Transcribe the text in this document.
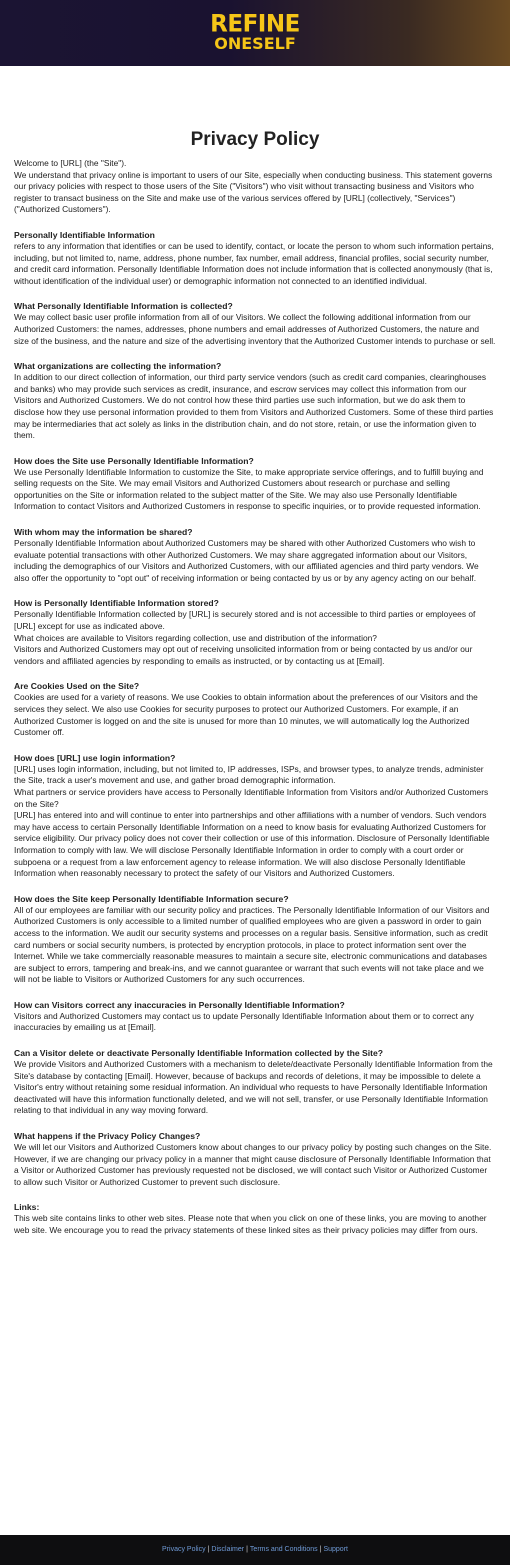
REFINE
ONESELF
Privacy Policy

Welcome to [URL] (the "Site").

We understand that privacy online is important to users of our Site, especially when conducting business. This statement governs our privacy policies with respect to those users of the Site ("Visitors") who visit without transacting business and Visitors who register to transact business on the Site and make use of the various services offered by [URL] (collectively, "Services") ("Authorized Customers").

Personally Identifiable Information

refers to any information that identifies or can be used to identify, contact, or locate the person to whom such information pertains, including, but not limited to, name, address, phone number, fax number, email address, financial profiles, social security number, and credit card information. Personally Identifiable Information does not include information that is collected anonymously (that is, without identification of the individual user) or demographic information not connected to an identified individual.

What Personally Identifiable Information is collected?

We may collect basic user profile information from all of our Visitors. We collect the following additional information from our Authorized Customers: the names, addresses, phone numbers and email addresses of Authorized Customers, the nature and size of the business, and the nature and size of the advertising inventory that the Authorized Customer intends to purchase or sell.

What organizations are collecting the information?

In addition to our direct collection of information, our third party service vendors (such as credit card companies, clearinghouses and banks) who may provide such services as credit, insurance, and escrow services may collect this information from our Visitors and Authorized Customers. We do not control how these third parties use such information, but we do ask them to disclose how they use personal information provided to them from Visitors and Authorized Customers. Some of these third parties may be intermediaries that act solely as links in the distribution chain, and do not store, retain, or use the information given to them.

How does the Site use Personally Identifiable Information?

We use Personally Identifiable Information to customize the Site, to make appropriate service offerings, and to fulfill buying and selling requests on the Site. We may email Visitors and Authorized Customers about research or purchase and selling opportunities on the Site or information related to the subject matter of the Site. We may also use Personally Identifiable Information to contact Visitors and Authorized Customers in response to specific inquiries, or to provide requested information.

With whom may the information be shared?

Personally Identifiable Information about Authorized Customers may be shared with other Authorized Customers who wish to evaluate potential transactions with other Authorized Customers. We may share aggregated information about our Visitors, including the demographics of our Visitors and Authorized Customers, with our affiliated agencies and third party vendors. We also offer the opportunity to "opt out" of receiving information or being contacted by us or by any agency acting on our behalf.

How is Personally Identifiable Information stored?

Personally Identifiable Information collected by [URL] is securely stored and is not accessible to third parties or employees of [URL] except for use as indicated above.

What choices are available to Visitors regarding collection, use and distribution of the information?

Visitors and Authorized Customers may opt out of receiving unsolicited information from or being contacted by us and/or our vendors and affiliated agencies by responding to emails as instructed, or by contacting us at [Email].

Are Cookies Used on the Site?

Cookies are used for a variety of reasons. We use Cookies to obtain information about the preferences of our Visitors and the services they select. We also use Cookies for security purposes to protect our Authorized Customers. For example, if an Authorized Customer is logged on and the site is unused for more than 10 minutes, we will automatically log the Authorized Customer off.

How does [URL] use login information?

[URL] uses login information, including, but not limited to, IP addresses, ISPs, and browser types, to analyze trends, administer the Site, track a user's movement and use, and gather broad demographic information.

What partners or service providers have access to Personally Identifiable Information from Visitors and/or Authorized Customers on the Site?

[URL] has entered into and will continue to enter into partnerships and other affiliations with a number of vendors. Such vendors may have access to certain Personally Identifiable Information on a need to know basis for evaluating Authorized Customers for service eligibility. Our privacy policy does not cover their collection or use of this information. Disclosure of Personally Identifiable Information to comply with law. We will disclose Personally Identifiable Information in order to comply with a court order or subpoena or a request from a law enforcement agency to release information. We will also disclose Personally Identifiable Information when reasonably necessary to protect the safety of our Visitors and Authorized Customers.

How does the Site keep Personally Identifiable Information secure?

All of our employees are familiar with our security policy and practices. The Personally Identifiable Information of our Visitors and Authorized Customers is only accessible to a limited number of qualified employees who are given a password in order to gain access to the information. We audit our security systems and processes on a regular basis. Sensitive information, such as credit card numbers or social security numbers, is protected by encryption protocols, in place to protect information sent over the Internet. While we take commercially reasonable measures to maintain a secure site, electronic communications and databases are subject to errors, tampering and break-ins, and we cannot guarantee or warrant that such events will not take place and we will not be liable to Visitors or Authorized Customers for any such occurrences.

How can Visitors correct any inaccuracies in Personally Identifiable Information?

Visitors and Authorized Customers may contact us to update Personally Identifiable Information about them or to correct any inaccuracies by emailing us at [Email].

Can a Visitor delete or deactivate Personally Identifiable Information collected by the Site?

We provide Visitors and Authorized Customers with a mechanism to delete/deactivate Personally Identifiable Information from the Site's database by contacting [Email]. However, because of backups and records of deletions, it may be impossible to delete a Visitor's entry without retaining some residual information. An individual who requests to have Personally Identifiable Information deactivated will have this information functionally deleted, and we will not sell, transfer, or use Personally Identifiable Information relating to that individual in any way moving forward.

What happens if the Privacy Policy Changes?

We will let our Visitors and Authorized Customers know about changes to our privacy policy by posting such changes on the Site. However, if we are changing our privacy policy in a manner that might cause disclosure of Personally Identifiable Information that a Visitor or Authorized Customer has previously requested not be disclosed, we will contact such Visitor or Authorized Customer to allow such Visitor or Authorized Customer to prevent such disclosure.

Links:

This web site contains links to other web sites. Please note that when you click on one of these links, you are moving to another web site. We encourage you to read the privacy statements of these linked sites as their privacy policies may differ from ours.

Privacy Policy | Disclaimer | Terms and Conditions | Support
